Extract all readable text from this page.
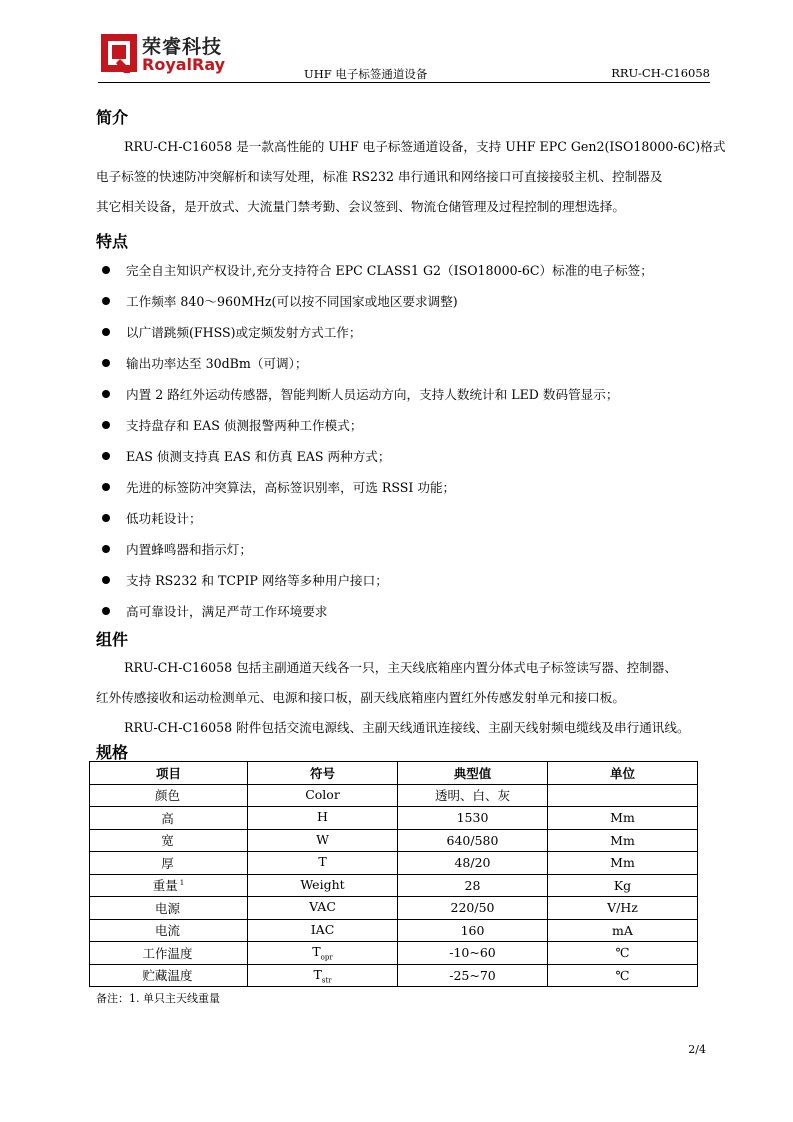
荣睿科技
RoyalRay	UHF 电子标签通道设备	RRU-CH-C16058
简介
RRU-CH-C16058 是一款高性能的 UHF 电子标签通道设备，支持 UHF EPC Gen2(ISO18000-6C)格式
电子标签的快速防冲突解析和读写处理，标准 RS232 串行通讯和网络接口可直接接驳主机、控制器及
其它相关设备，是开放式、大流量门禁考勤、会议签到、物流仓储管理及过程控制的理想选择。
特点
完全自主知识产权设计,充分支持符合 EPC CLASS1 G2（ISO18000-6C）标准的电子标签；
工作频率 840～960MHz(可以按不同国家或地区要求调整)
以广谱跳频(FHSS)或定频发射方式工作；
输出功率达至 30dBm（可调）；
内置 2 路红外运动传感器，智能判断人员运动方向，支持人数统计和 LED 数码管显示；
支持盘存和 EAS 侦测报警两种工作模式；
EAS 侦测支持真 EAS 和仿真 EAS 两种方式；
先进的标签防冲突算法，高标签识别率，可选 RSSI 功能；
低功耗设计；
内置蜂鸣器和指示灯；
支持 RS232 和 TCPIP 网络等多种用户接口；
高可靠设计，满足严苛工作环境要求
组件
RRU-CH-C16058 包括主副通道天线各一只，主天线底箱座内置分体式电子标签读写器、控制器、
红外传感接收和运动检测单元、电源和接口板，副天线底箱座内置红外传感发射单元和接口板。
RRU-CH-C16058 附件包括交流电源线、主副天线通讯连接线、主副天线射频电缆线及串行通讯线。
规格
项目	符号	典型值	单位
颜色	Color	透明、白、灰	
高	H	1530	Mm
宽	W	640/580	Mm
厚	T	48/20	Mm
重量 $^1$	Weight	28	Kg
电源	VAC	220/50	V/Hz
电流	IAC	160	mA
工作温度	$T_{opr}$	-10~60	℃
贮藏温度	$T_{str}$	-25~70	℃
备注：1. 单只主天线重量
2/4
